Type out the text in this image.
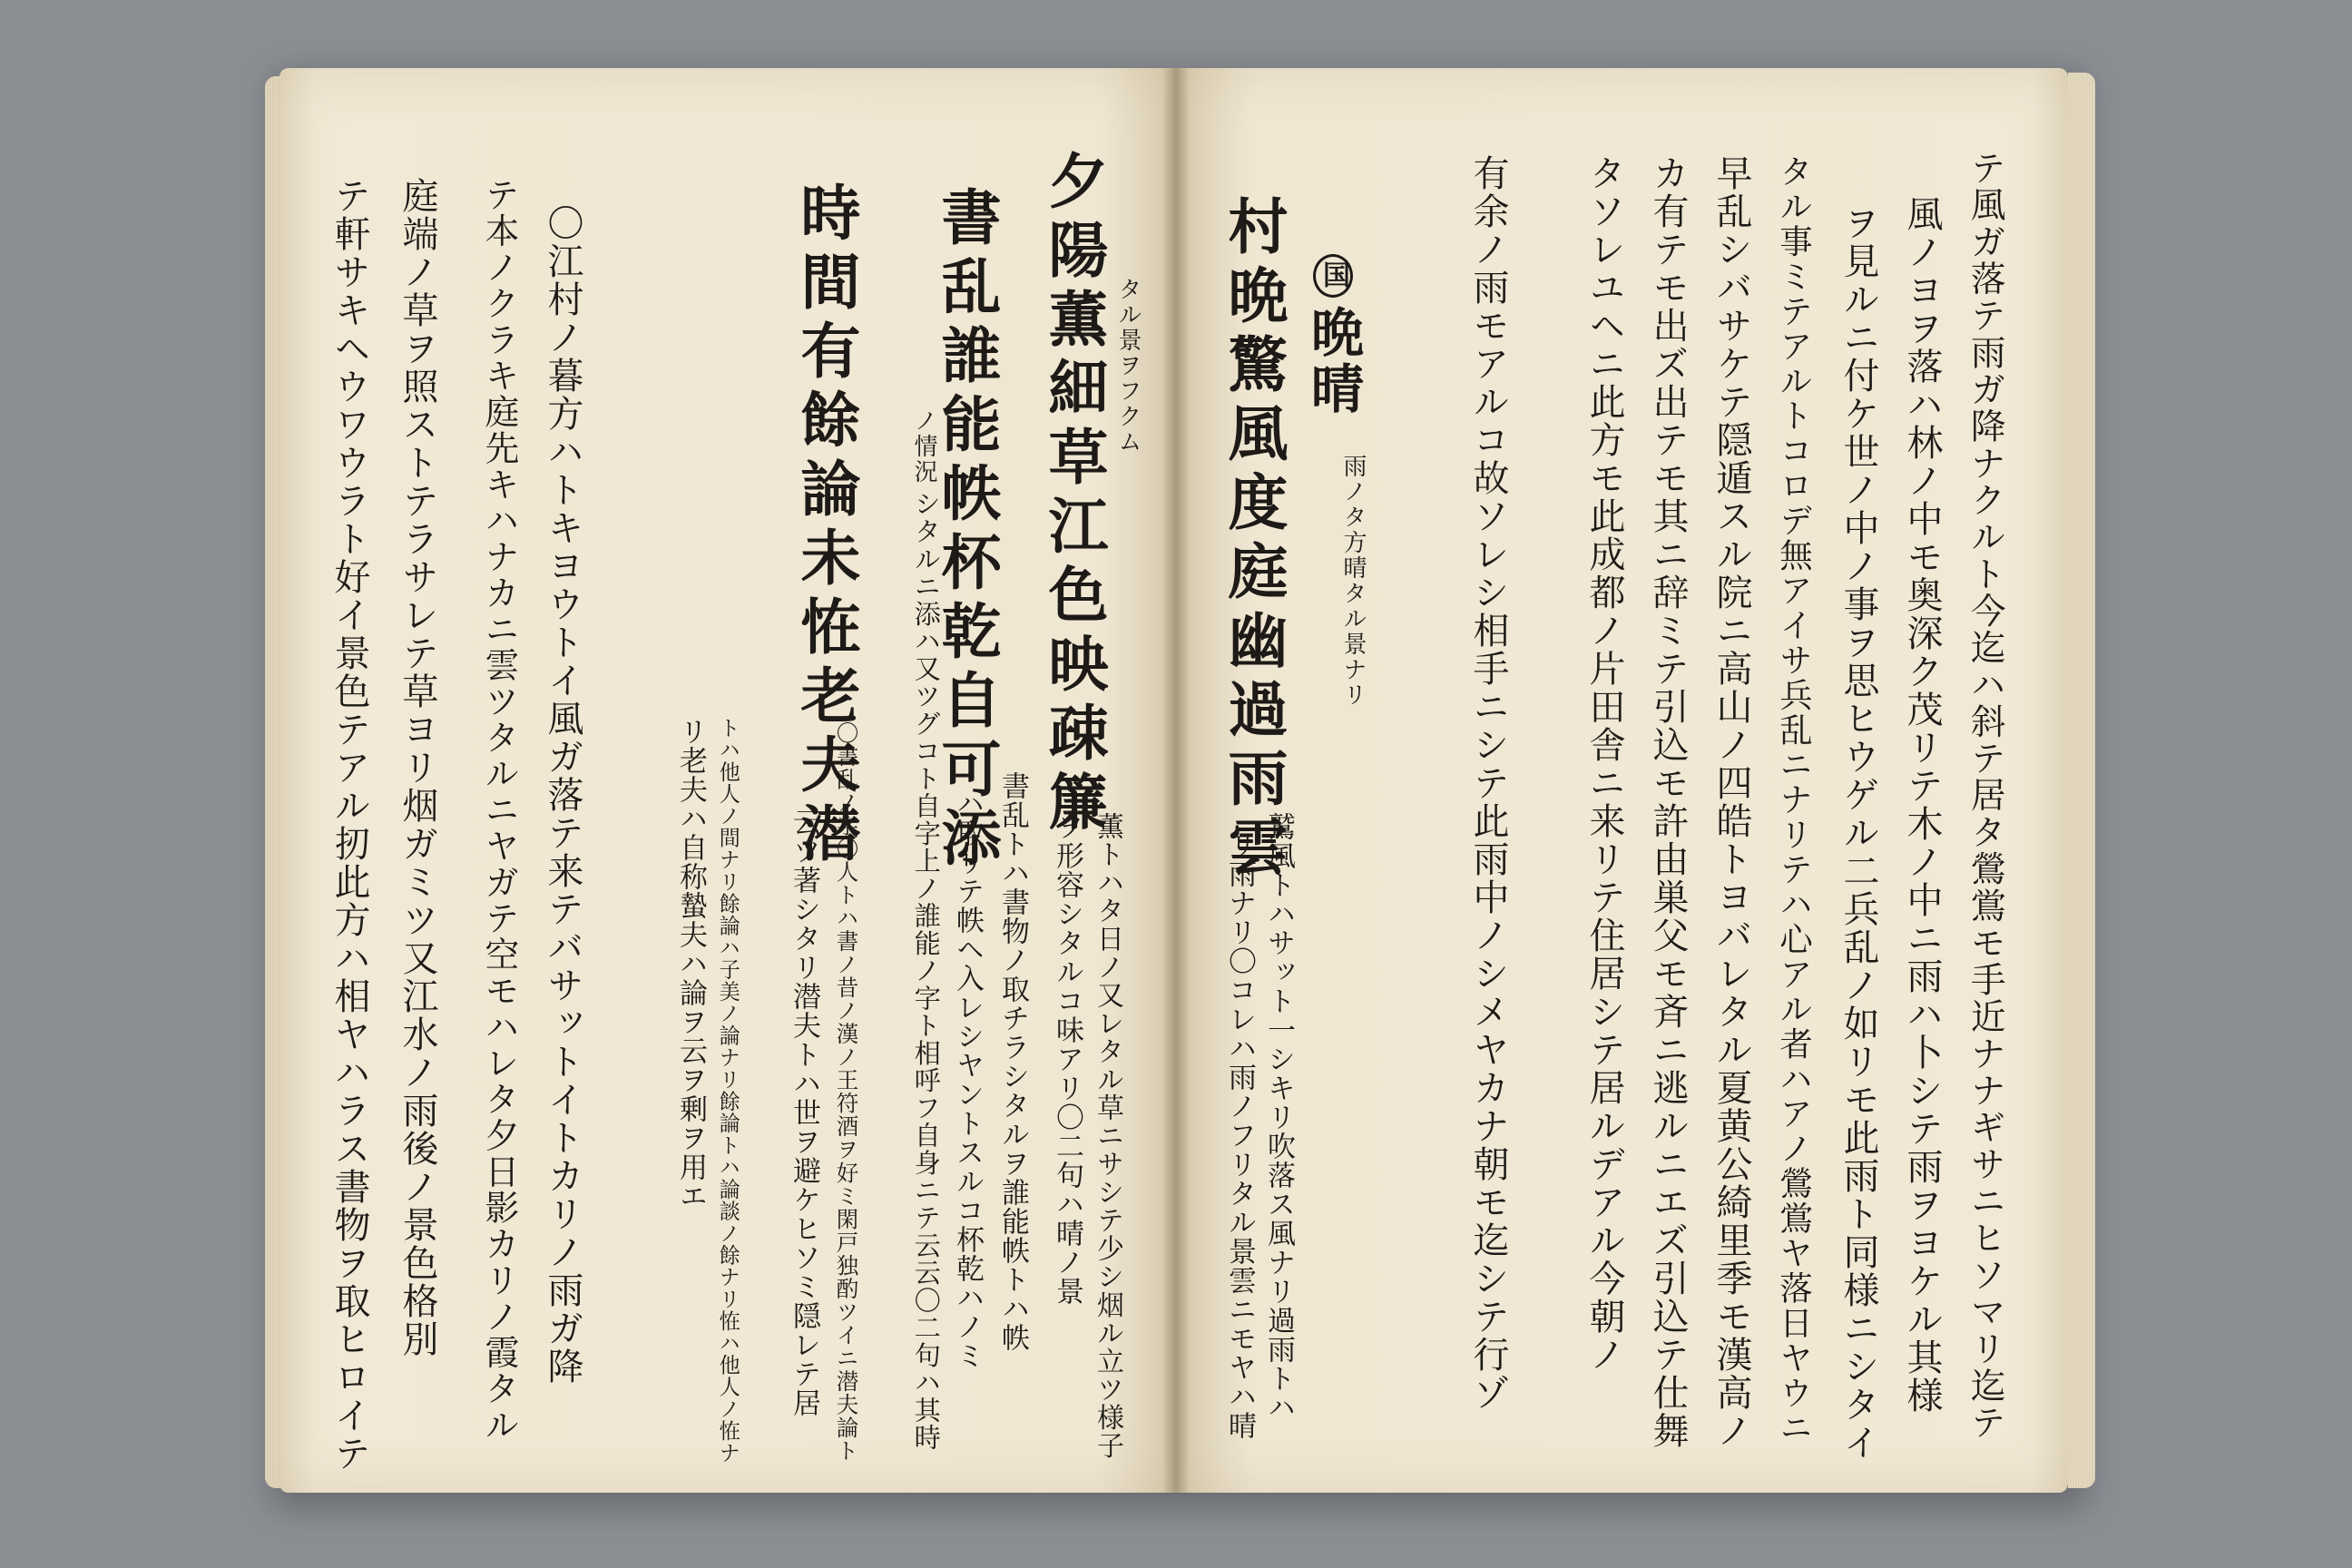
テ風ガ落テ雨ガ降ナクルト今迄ハ斜テ居タ鶯鴬モ手近ナナギサニヒソマリ迄テ
風ノヨヲ落ハ林ノ中モ奥深ク茂リテ木ノ中ニ雨ハ卜シテ雨ヲヨケル其様
ヲ見ルニ付ケ世ノ中ノ事ヲ思ヒウゲル二兵乱ノ如リモ此雨ト同様ニシタイ
タル事ミテアルトコロデ無アイサ兵乱ニナリテハ心アル者ハアノ鶯鴬ヤ落日ヤウニ
早乱シバサケテ隠遁スル院ニ高山ノ四皓トヨバレタル夏黄公綺里季モ漢高ノ
カ有テモ出ズ出テモ其ニ辞ミテ引込モ許由巣父モ斉ニ逃ルニエズ引込テ仕舞
タソレユヘニ此方モ此成都ノ片田舎ニ来リテ住居シテ居ルデアル今朝ノ
有余ノ雨モアルコ故ソレシ相手ニシテ此雨中ノシメヤカナ朝モ迄シテ行ゾ
国晩晴
雨ノタ方晴タル景ナリ
村晩驚風度庭幽過雨雲
鷲風トハサット一シキリ吹落ス風ナリ過雨トハ
リ雨ナリ〇コレハ雨ノフリタル景雲ニモヤハ晴
タル景ヲフクム
夕陽薫細草江色映疎簾
薫トハタ日ノ又レタル草ニサシテ少シ烟ル立ツ様子
ヲ形容シタルコ味アリ〇二句ハ晴ノ景
書乱誰能帙杯乾自可添
書乱トハ書物ノ取チラシタルヲ誰能帙トハ帙
ハ取リテ帙ヘ入レシヤントスルコ杯乾ハノミ
シタルニ添ハ又ツグコト自字上ノ誰能ノ字ト相呼フ自身ニテ云云〇二句ハ其時
ノ情況
時間有餘論未恠老夫潜
〇書乱ノ字〇人トハ書ノ昔ノ漢ノ王符酒ヲ好ミ閑戸独酌ツイニ潜夫論ト
云ツ著シタリ潜夫トハ世ヲ避ケヒソミ隠レテ居
トハ他人ノ間ナリ餘論ハ子美ノ論ナリ餘論トハ論談ノ餘ナリ恠ハ他人ノ恠ナ
リ老夫ハ自称蟄夫ハ論ヲ云ヲ剰ヲ用エ
〇江村ノ暮方ハトキヨウトイ風ガ落テ来テバサットイトカリノ雨ガ降
テ本ノクラキ庭先キハナカニ雲ツタルニヤガテ空モハレタ夕日影カリノ霞タル
庭端ノ草ヲ照ストテラサレテ草ヨリ烟ガミツ又江水ノ雨後ノ景色格別
テ軒サキヘウワウラト好イ景色テアル扨此方ハ相ヤハラス書物ヲ取ヒロイテ
